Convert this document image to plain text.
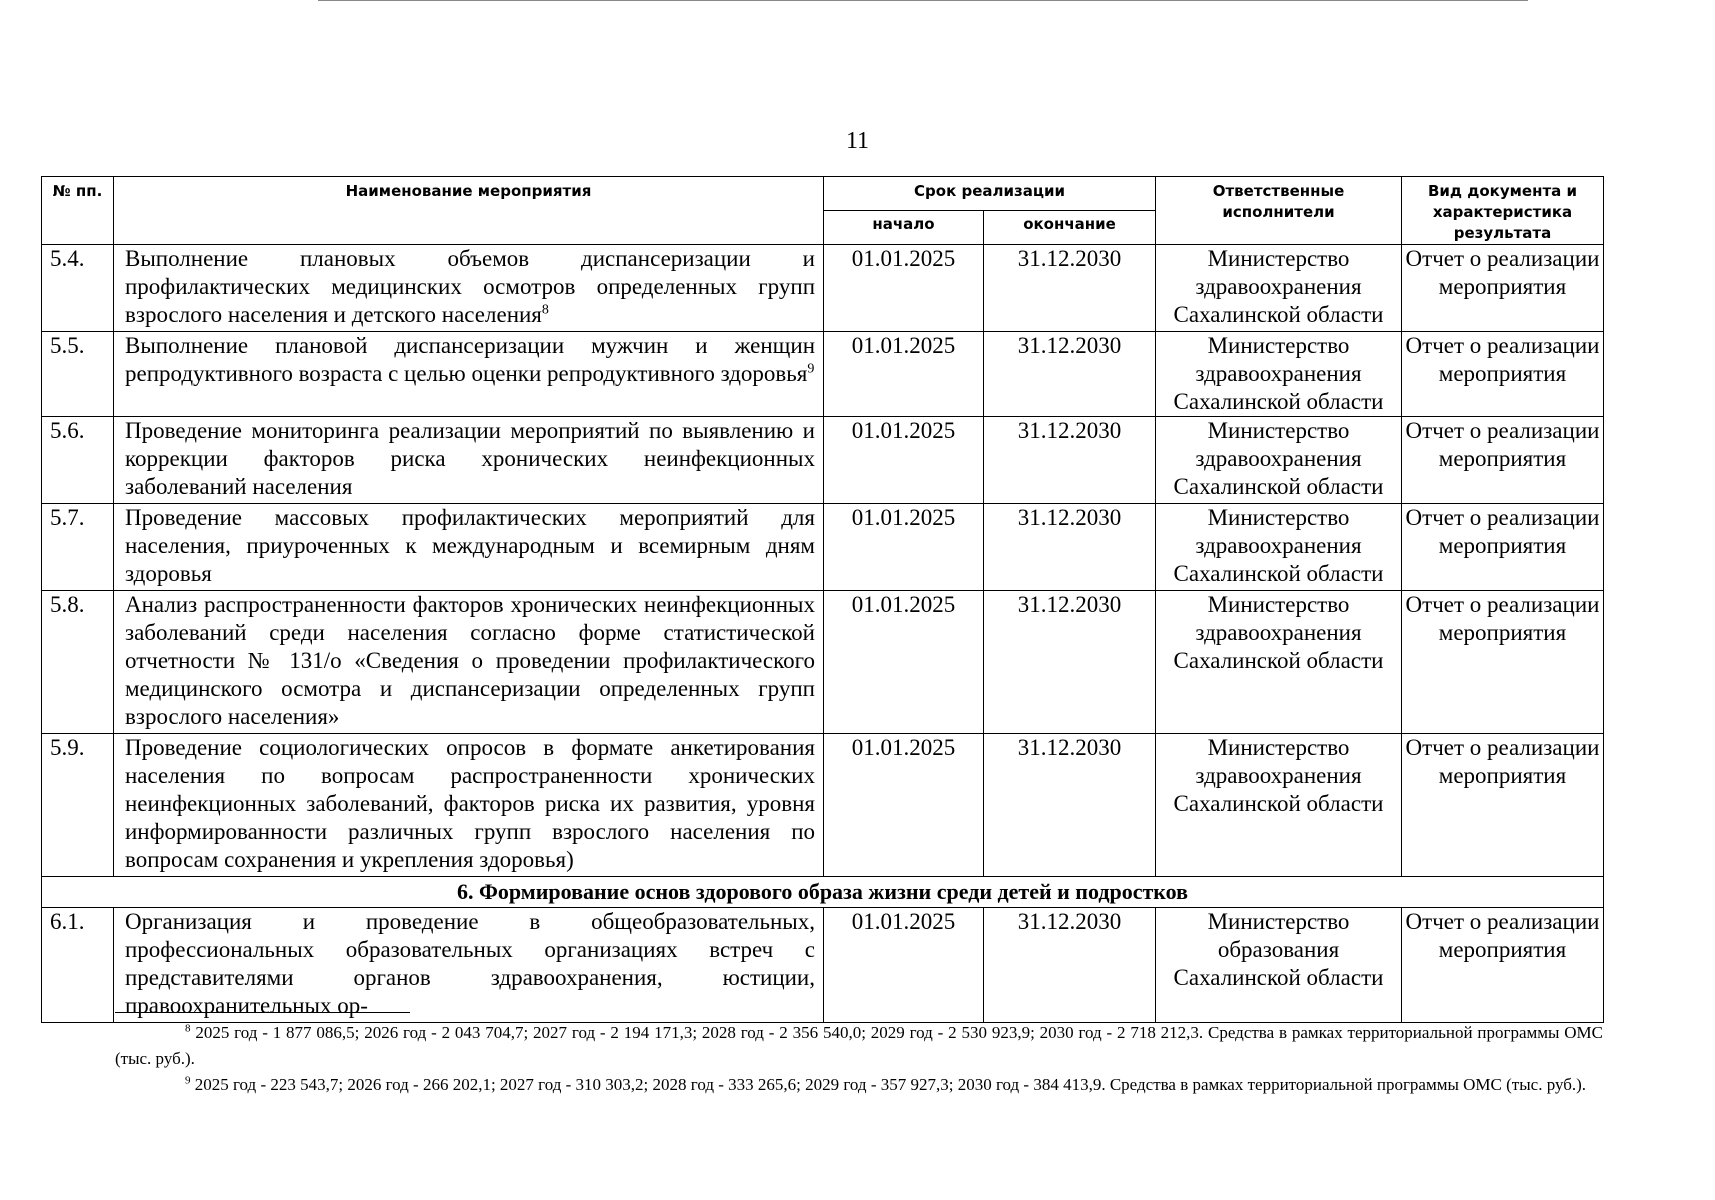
11
№ пп.	Наименование мероприятия	Срок реализации		Ответственные исполнители	Вид документа и характеристика результата
		начало	окончание		
5.4.	Выполнение плановых объемов диспансеризации и профилактических медицинских осмотров определенных групп взрослого населения и детского населения$^8$	01.01.2025	31.12.2030	Министерство здравоохранения Сахалинской области	Отчет о реализации мероприятия
5.5.	Выполнение плановой диспансеризации мужчин и женщин репродуктивного возраста с целью оценки репродуктивного здоровья$^9$	01.01.2025	31.12.2030	Министерство здравоохранения Сахалинской области	Отчет о реализации мероприятия
5.6.	Проведение мониторинга реализации мероприятий по выявлению и коррекции факторов риска хронических неинфекционных заболеваний населения	01.01.2025	31.12.2030	Министерство здравоохранения Сахалинской области	Отчет о реализации мероприятия
5.7.	Проведение массовых профилактических мероприятий для населения, приуроченных к международным и всемирным дням здоровья	01.01.2025	31.12.2030	Министерство здравоохранения Сахалинской области	Отчет о реализации мероприятия
5.8.	Анализ распространенности факторов хронических неинфекционных заболеваний среди населения согласно форме статистической отчетности № 131/о «Сведения о проведении профилактического медицинского осмотра и диспансеризации определенных групп взрослого населения»	01.01.2025	31.12.2030	Министерство здравоохранения Сахалинской области	Отчет о реализации мероприятия
5.9.	Проведение социологических опросов в формате анкетирования населения по вопросам распространенности хронических неинфекционных заболеваний, факторов риска их развития, уровня информированности различных групп взрослого населения по вопросам сохранения и укрепления здоровья)	01.01.2025	31.12.2030	Министерство здравоохранения Сахалинской области	Отчет о реализации мероприятия
6. Формирование основ здорового образа жизни среди детей и подростков					
6.1.	Организация и проведение в общеобразовательных, профессиональных образовательных организациях встреч с представителями органов здравоохранения, юстиции, правоохранительных ор-	01.01.2025	31.12.2030	Министерство образования Сахалинской области	Отчет о реализации мероприятия

$^8$ 2025 год - 1 877 086,5; 2026 год - 2 043 704,7; 2027 год - 2 194 171,3; 2028 год - 2 356 540,0; 2029 год - 2 530 923,9; 2030 год - 2 718 212,3. Средства в рамках территориальной программы ОМС (тыс. руб.).

$^9$ 2025 год - 223 543,7; 2026 год - 266 202,1; 2027 год - 310 303,2; 2028 год - 333 265,6; 2029 год - 357 927,3; 2030 год - 384 413,9. Средства в рамках территориальной программы ОМС (тыс. руб.).
